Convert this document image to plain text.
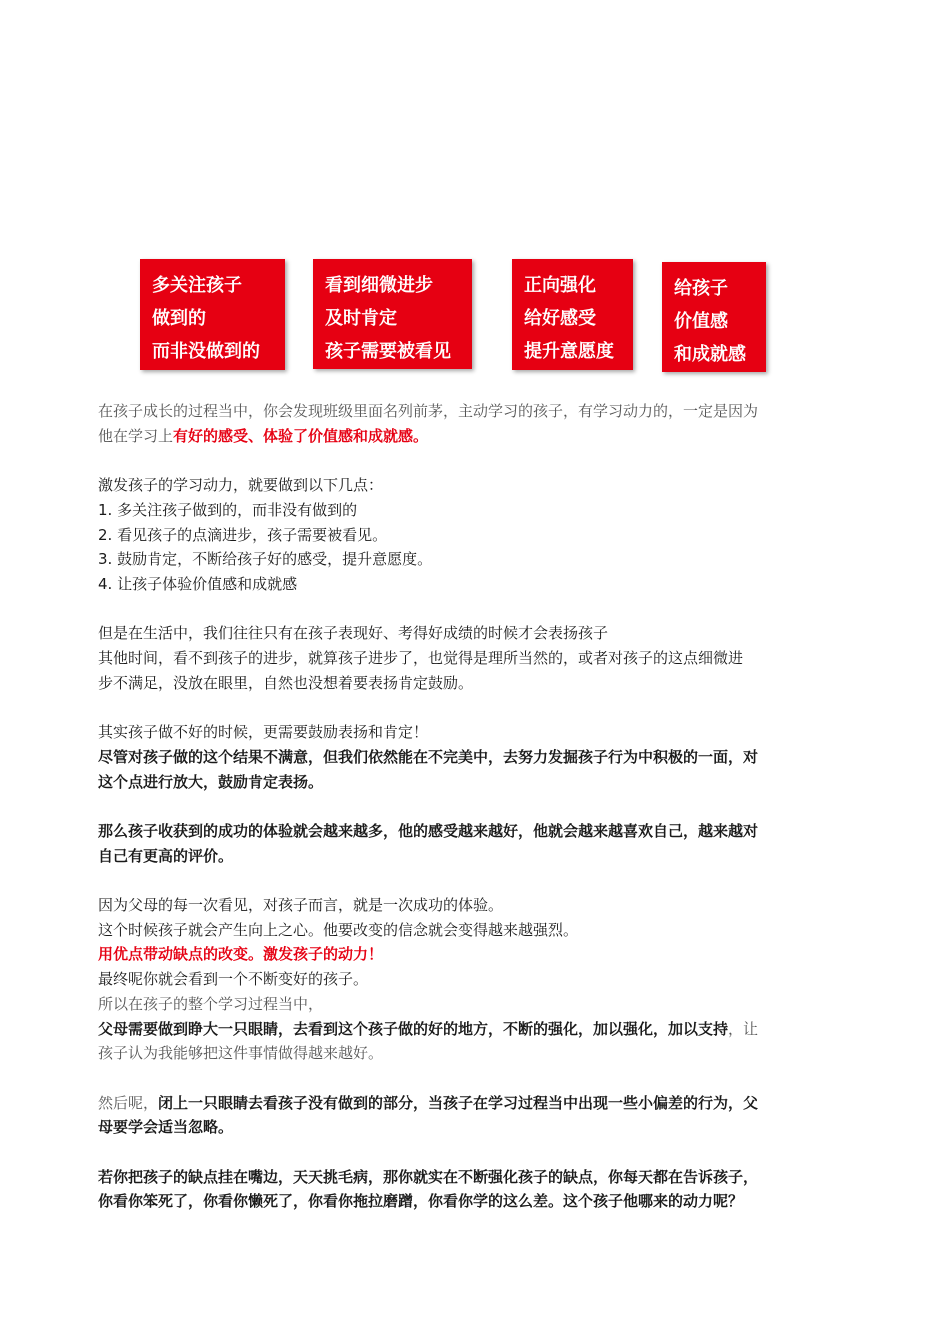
多关注孩子
做到的
而非没做到的
看到细微进步
及时肯定
孩子需要被看见
正向强化
给好感受
提升意愿度
给孩子
价值感
和成就感
在孩子成长的过程当中，你会发现班级里面名列前茅，主动学习的孩子，有学习动力的，一定是因为
他在学习上有好的感受、体验了价值感和成就感。
激发孩子的学习动力，就要做到以下几点：
1. 多关注孩子做到的，而非没有做到的
2. 看见孩子的点滴进步，孩子需要被看见。
3. 鼓励肯定，不断给孩子好的感受，提升意愿度。
4. 让孩子体验价值感和成就感
但是在生活中，我们往往只有在孩子表现好、考得好成绩的时候才会表扬孩子
其他时间，看不到孩子的进步，就算孩子进步了，也觉得是理所当然的，或者对孩子的这点细微进
步不满足，没放在眼里，自然也没想着要表扬肯定鼓励。
其实孩子做不好的时候，更需要鼓励表扬和肯定！
尽管对孩子做的这个结果不满意，但我们依然能在不完美中，去努力发掘孩子行为中积极的一面，对
这个点进行放大，鼓励肯定表扬。
那么孩子收获到的成功的体验就会越来越多，他的感受越来越好，他就会越来越喜欢自己，越来越对
自己有更高的评价。
因为父母的每一次看见，对孩子而言，就是一次成功的体验。
这个时候孩子就会产生向上之心。他要改变的信念就会变得越来越强烈。
用优点带动缺点的改变。激发孩子的动力！
最终呢你就会看到一个不断变好的孩子。
所以在孩子的整个学习过程当中，
父母需要做到睁大一只眼睛，去看到这个孩子做的好的地方，不断的强化，加以强化，加以支持，让
孩子认为我能够把这件事情做得越来越好。
然后呢，闭上一只眼睛去看孩子没有做到的部分，当孩子在学习过程当中出现一些小偏差的行为，父
母要学会适当忽略。
若你把孩子的缺点挂在嘴边，天天挑毛病，那你就实在不断强化孩子的缺点，你每天都在告诉孩子，
你看你笨死了，你看你懒死了，你看你拖拉磨蹭，你看你学的这么差。这个孩子他哪来的动力呢？
